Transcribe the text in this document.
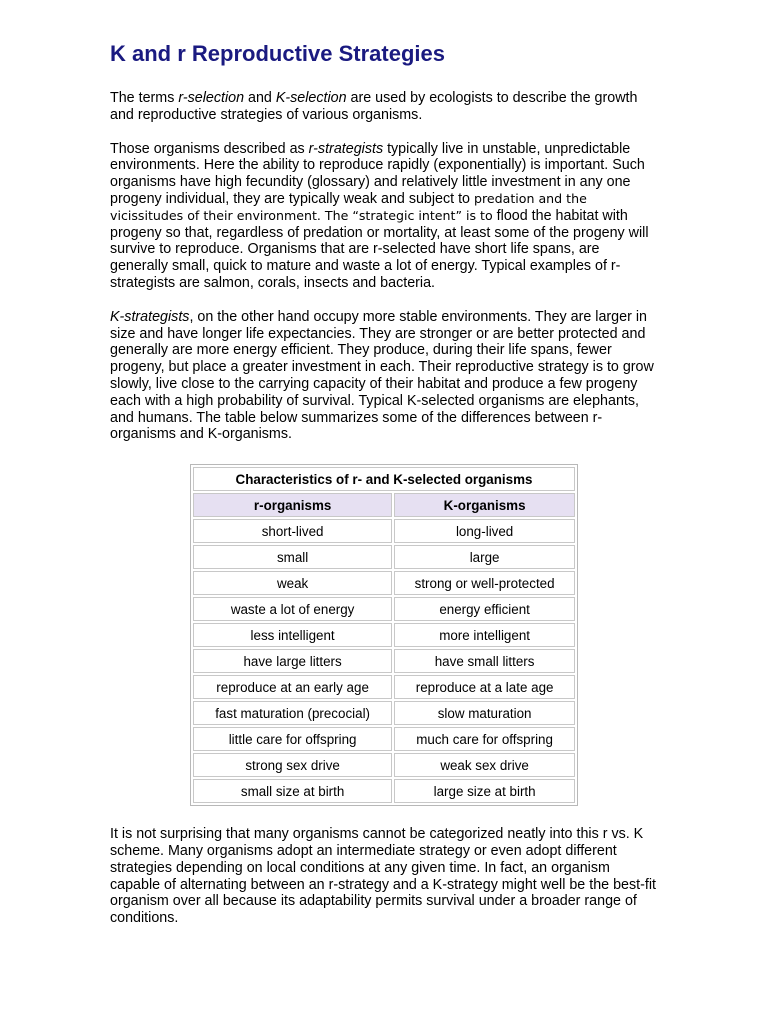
K and r Reproductive Strategies

The terms r-selection and K-selection are used by ecologists to describe the growth and reproductive strategies of various organisms.

Those organisms described as r-strategists typically live in unstable, unpredictable environments. Here the ability to reproduce rapidly (exponentially) is important. Such organisms have high fecundity (glossary) and relatively little investment in any one progeny individual, they are typically weak and subject to predation and the vicissitudes of their environment. The “strategic intent” is to flood the habitat with progeny so that, regardless of predation or mortality, at least some of the progeny will survive to reproduce. Organisms that are r-selected have short life spans, are generally small, quick to mature and waste a lot of energy. Typical examples of r-strategists are salmon, corals, insects and bacteria.

K-strategists, on the other hand occupy more stable environments. They are larger in size and have longer life expectancies. They are stronger or are better protected and generally are more energy efficient. They produce, during their life spans, fewer progeny, but place a greater investment in each. Their reproductive strategy is to grow slowly, live close to the carrying capacity of their habitat and produce a few progeny each with a high probability of survival. Typical K-selected organisms are elephants, and humans. The table below summarizes some of the differences between r-organisms and K-organisms.

Characteristics of r- and K-selected organisms	
r-organisms	K-organisms
short-lived	long-lived
small	large
weak	strong or well-protected
waste a lot of energy	energy efficient
less intelligent	more intelligent
have large litters	have small litters
reproduce at an early age	reproduce at a late age
fast maturation (precocial)	slow maturation
little care for offspring	much care for offspring
strong sex drive	weak sex drive
small size at birth	large size at birth

It is not surprising that many organisms cannot be categorized neatly into this r vs. K scheme. Many organisms adopt an intermediate strategy or even adopt different strategies depending on local conditions at any given time. In fact, an organism capable of alternating between an r-strategy and a K-strategy might well be the best-fit organism over all because its adaptability permits survival under a broader range of conditions.
